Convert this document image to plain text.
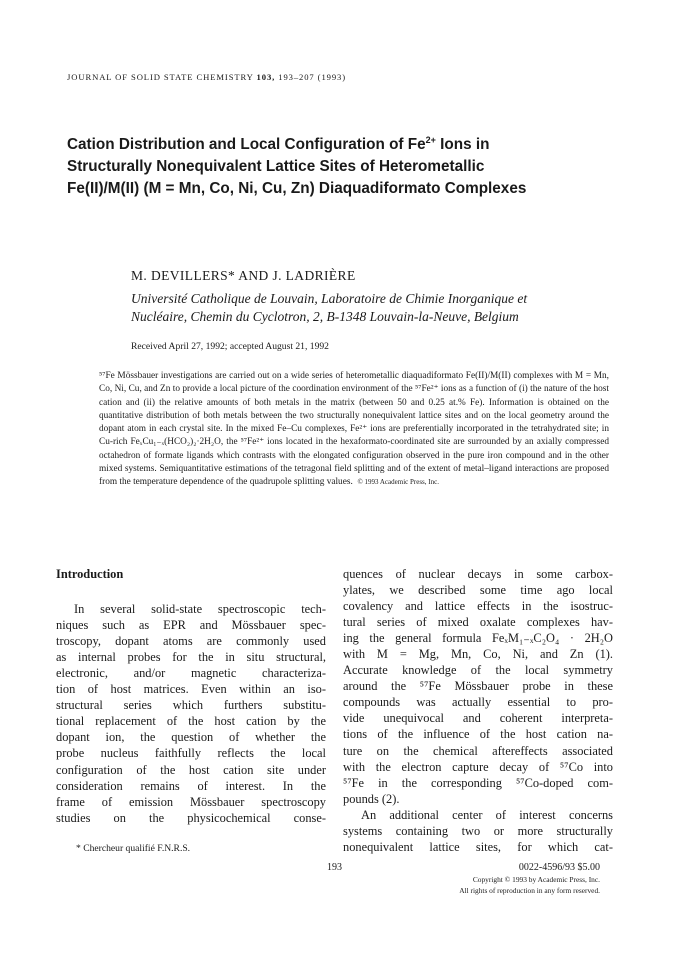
JOURNAL OF SOLID STATE CHEMISTRY 103, 193–207 (1993)
Cation Distribution and Local Configuration of $Fe^{2+}$ Ions in
Structurally Nonequivalent Lattice Sites of Heterometallic
Fe(II)/M(II) (M = Mn, Co, Ni, Cu, Zn) Diaquadiformato Complexes
M. DEVILLERS* AND J. LADRIÈRE
Université Catholique de Louvain, Laboratoire de Chimie Inorganique et
Nucléaire, Chemin du Cyclotron, 2, B-1348 Louvain-la-Neuve, Belgium
Received April 27, 1992; accepted August 21, 1992
⁵⁷Fe Mössbauer investigations are carried out on a wide series of heterometallic diaquadiformato Fe(II)/M(II) complexes with M = Mn, Co, Ni, Cu, and Zn to provide a local picture of the coordination environment of the ⁵⁷Fe²⁺ ions as a function of (i) the nature of the host cation and (ii) the relative amounts of both metals in the matrix (between 50 and 0.25 at.% Fe). Information is obtained on the quantitative distribution of both metals between the two structurally nonequivalent lattice sites and on the local geometry around the dopant atom in each crystal site. In the mixed Fe–Cu complexes, Fe²⁺ ions are preferentially incorporated in the tetrahydrated site; in Cu-rich FeₓCu₁₋ₓ(HCO₂)₂·2H₂O, the ⁵⁷Fe²⁺ ions located in the hexaformato-coordinated site are surrounded by an axially compressed octahedron of formate ligands which contrasts with the elongated configuration observed in the pure iron compound and in the other mixed systems. Semiquantitative estimations of the tetragonal field splitting and of the extent of metal–ligand interactions are proposed from the temperature dependence of the quadrupole splitting values. © 1993 Academic Press, Inc.
Introduction
In several solid-state spectroscopic tech-
niques such as EPR and Mössbauer spec-
troscopy, dopant atoms are commonly used
as internal probes for the in situ structural,
electronic, and/or magnetic characteriza-
tion of host matrices. Even within an iso-
structural series which furthers substitu-
tional replacement of the host cation by the
dopant ion, the question of whether the
probe nucleus faithfully reflects the local
configuration of the host cation site under
consideration remains of interest. In the
frame of emission Mössbauer spectroscopy
studies on the physicochemical conse-
quences of nuclear decays in some carbox-
ylates, we described some time ago local
covalency and lattice effects in the isostruc-
tural series of mixed oxalate complexes hav-
ing the general formula FeₓM₁₋ₓC₂O₄ · 2H₂O
with M = Mg, Mn, Co, Ni, and Zn (1).
Accurate knowledge of the local symmetry
around the ⁵⁷Fe Mössbauer probe in these
compounds was actually essential to pro-
vide unequivocal and coherent interpreta-
tions of the influence of the host cation na-
ture on the chemical aftereffects associated
with the electron capture decay of ⁵⁷Co into
⁵⁷Fe in the corresponding ⁵⁷Co-doped com-
pounds (2).
An additional center of interest concerns
systems containing two or more structurally
nonequivalent lattice sites, for which cat-
* Chercheur qualifié F.N.R.S.
193	0022-4596/93 $5.00
Copyright © 1993 by Academic Press, Inc.
All rights of reproduction in any form reserved.
